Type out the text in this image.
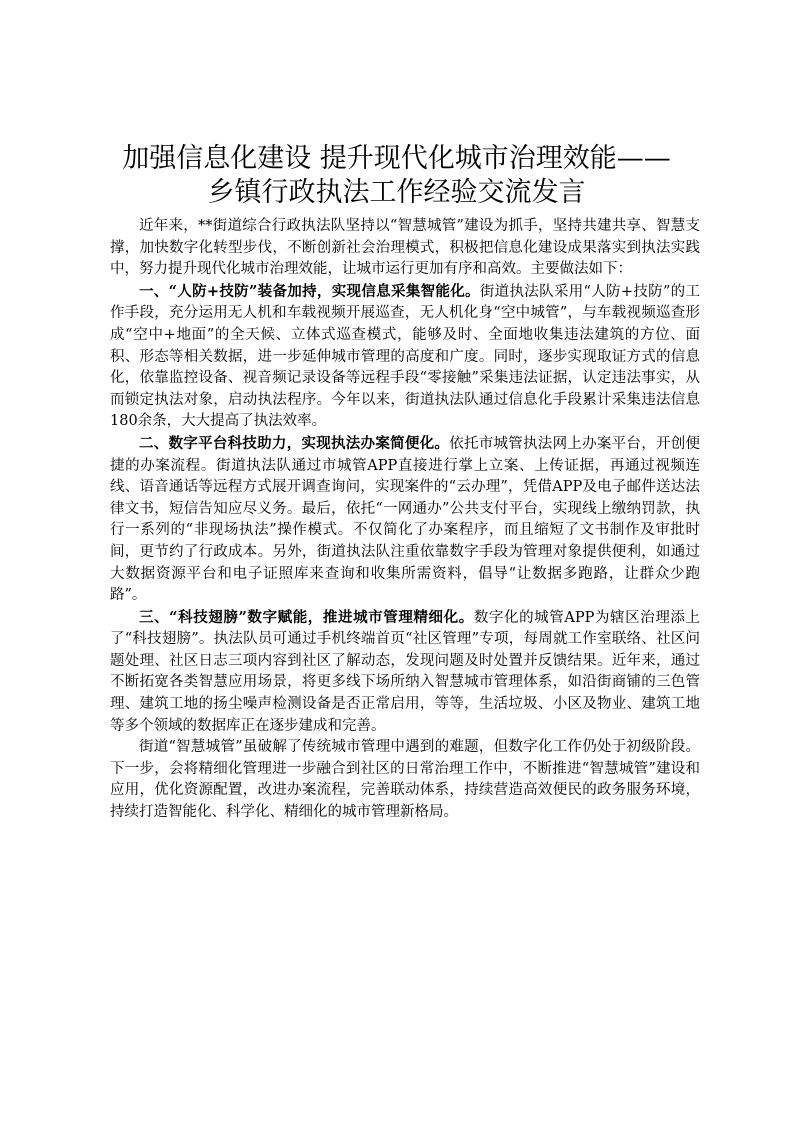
加强信息化建设 提升现代化城市治理效能——乡镇行政执法工作经验交流发言

近年来，**街道综合行政执法队坚持以“智慧城管”建设为抓手，坚持共建共享、智慧支撑，加快数字化转型步伐，不断创新社会治理模式，积极把信息化建设成果落实到执法实践中，努力提升现代化城市治理效能，让城市运行更加有序和高效。主要做法如下：

一、“人防+技防”装备加持，实现信息采集智能化。街道执法队采用“人防+技防”的工作手段，充分运用无人机和车载视频开展巡查，无人机化身“空中城管”，与车载视频巡查形成“空中+地面”的全天候、立体式巡查模式，能够及时、全面地收集违法建筑的方位、面积、形态等相关数据，进一步延伸城市管理的高度和广度。同时，逐步实现取证方式的信息化，依靠监控设备、视音频记录设备等远程手段“零接触”采集违法证据，认定违法事实，从而锁定执法对象，启动执法程序。今年以来，街道执法队通过信息化手段累计采集违法信息180余条，大大提高了执法效率。

二、数字平台科技助力，实现执法办案简便化。依托市城管执法网上办案平台，开创便捷的办案流程。街道执法队通过市城管APP直接进行掌上立案、上传证据，再通过视频连线、语音通话等远程方式展开调查询问，实现案件的“云办理”，凭借APP及电子邮件送达法律文书，短信告知应尽义务。最后，依托“一网通办”公共支付平台，实现线上缴纳罚款，执行一系列的“非现场执法”操作模式。不仅简化了办案程序，而且缩短了文书制作及审批时间，更节约了行政成本。另外，街道执法队注重依靠数字手段为管理对象提供便利，如通过大数据资源平台和电子证照库来查询和收集所需资料，倡导“让数据多跑路，让群众少跑路”。

三、“科技翅膀”数字赋能，推进城市管理精细化。数字化的城管APP为辖区治理添上了“科技翅膀”。执法队员可通过手机终端首页“社区管理”专项，每周就工作室联络、社区问题处理、社区日志三项内容到社区了解动态，发现问题及时处置并反馈结果。近年来，通过不断拓宽各类智慧应用场景，将更多线下场所纳入智慧城市管理体系，如沿街商铺的三色管理、建筑工地的扬尘噪声检测设备是否正常启用，等等，生活垃圾、小区及物业、建筑工地等多个领域的数据库正在逐步建成和完善。

街道“智慧城管”虽破解了传统城市管理中遇到的难题，但数字化工作仍处于初级阶段。下一步，会将精细化管理进一步融合到社区的日常治理工作中，不断推进“智慧城管”建设和应用，优化资源配置，改进办案流程，完善联动体系，持续营造高效便民的政务服务环境，持续打造智能化、科学化、精细化的城市管理新格局。
